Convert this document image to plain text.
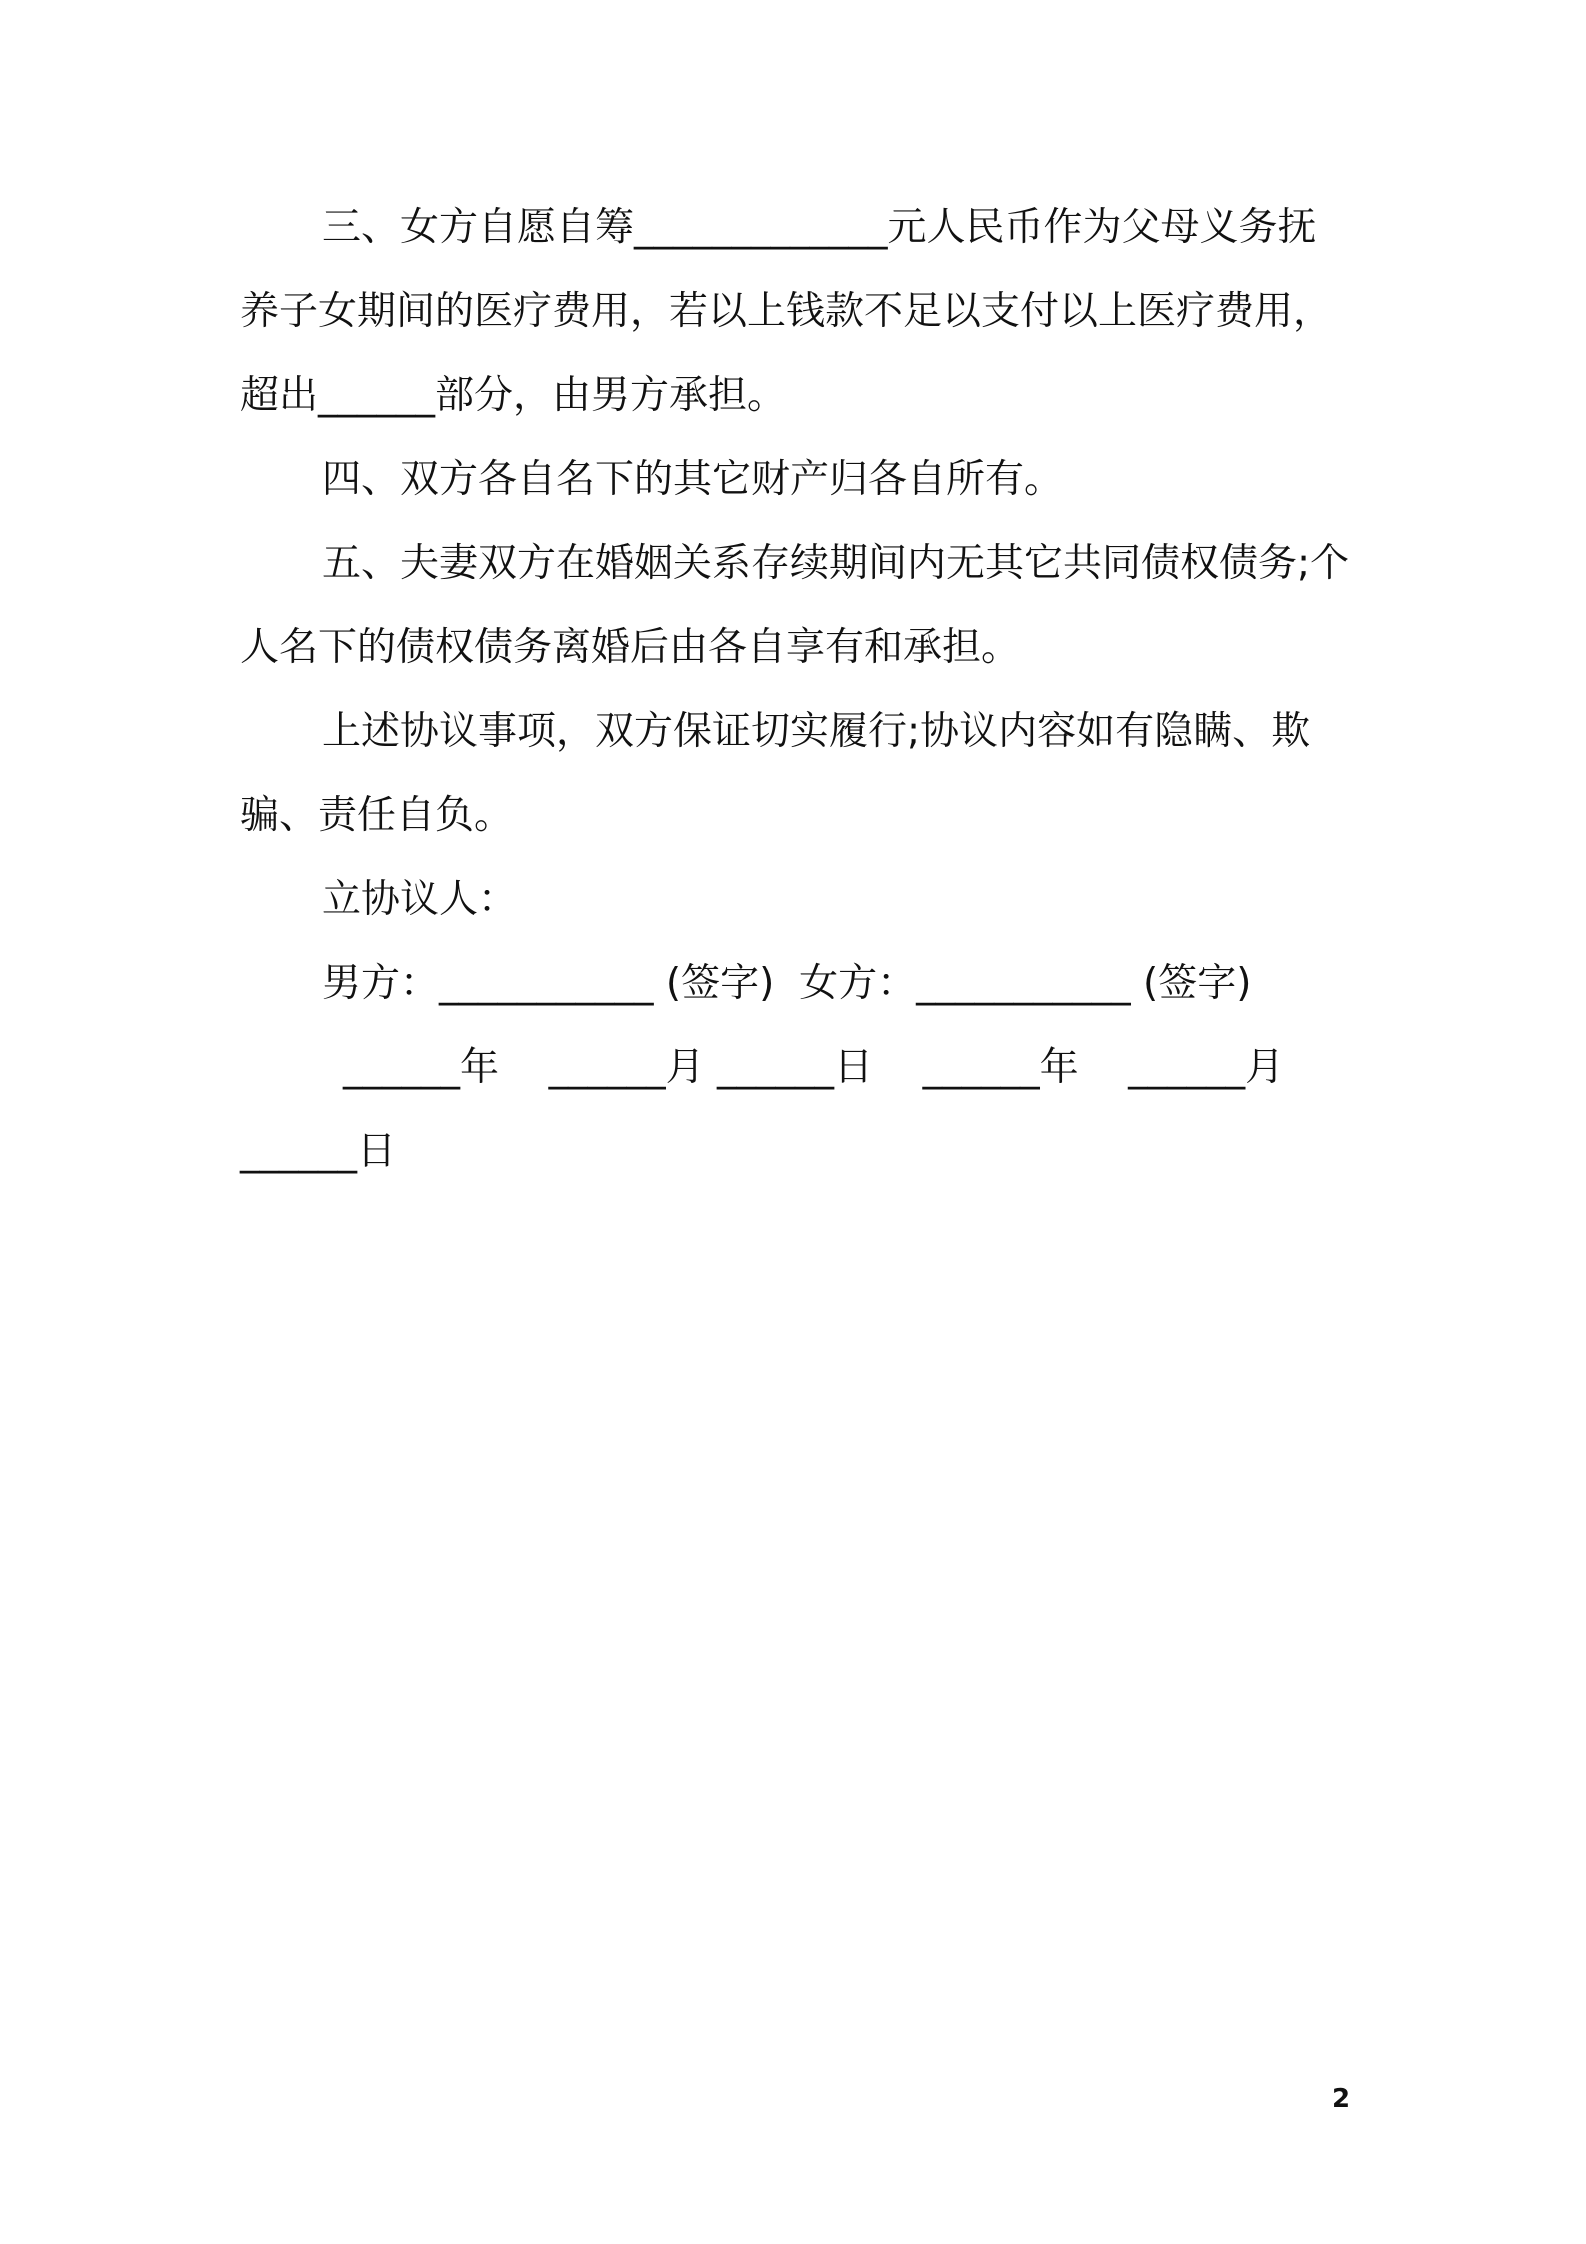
三、女方自愿自筹_____________元人民币作为父母义务抚养子女期间的医疗费用，若以上钱款不足以支付以上医疗费用，超出______部分，由男方承担。

四、双方各自名下的其它财产归各自所有。

五、夫妻双方在婚姻关系存续期间内无其它共同债权债务;个人名下的债权债务离婚后由各自享有和承担。

上述协议事项，双方保证切实履行;协议内容如有隐瞒、欺骗、责任自负。

立协议人：
男方：___________ (签字)  女方：___________ (签字)
______年    ______月 ______日    ______年    ______月
______日
2
